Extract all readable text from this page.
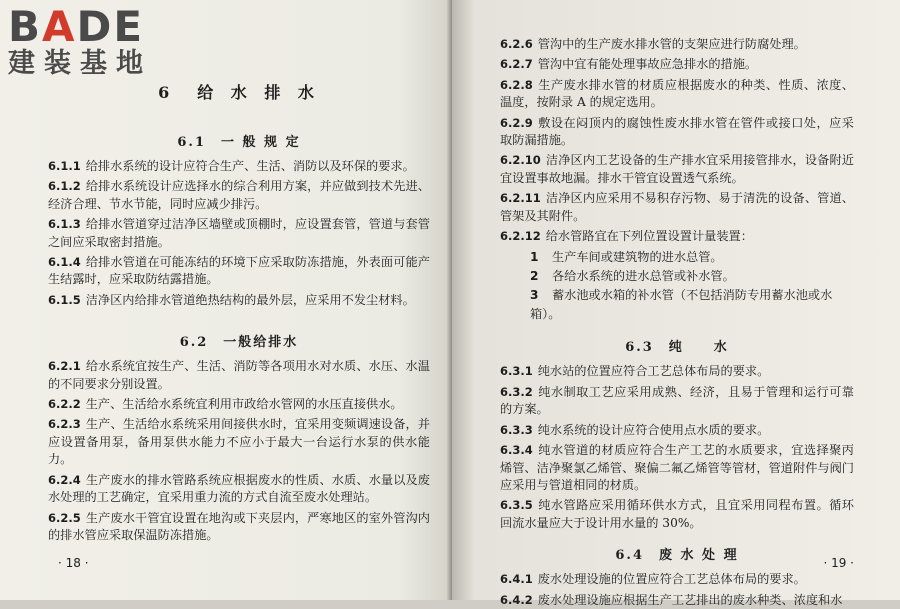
BADE
建装基地
6　给 水 排 水
6.1　一 般 规 定

6.1.1 给排水系统的设计应符合生产、生活、消防以及环保的要求。

6.1.2 给排水系统设计应选择水的综合利用方案，并应做到技术先进、经济合理、节水节能，同时应减少排污。

6.1.3 给排水管道穿过洁净区墙壁或顶棚时，应设置套管，管道与套管之间应采取密封措施。

6.1.4 给排水管道在可能冻结的环境下应采取防冻措施，外表面可能产生结露时，应采取防结露措施。

6.1.5 洁净区内给排水管道绝热结构的最外层，应采用不发尘材料。

6.2　一般给排水

6.2.1 给水系统宜按生产、生活、消防等各项用水对水质、水压、水温的不同要求分别设置。

6.2.2 生产、生活给水系统宜利用市政给水管网的水压直接供水。

6.2.3 生产、生活给水系统采用间接供水时，宜采用变频调速设备，并应设置备用泵，备用泵供水能力不应小于最大一台运行水泵的供水能力。

6.2.4 生产废水的排水管路系统应根据废水的性质、水质、水量以及废水处理的工艺确定，宜采用重力流的方式自流至废水处理站。

6.2.5 生产废水干管宜设置在地沟或下夹层内，严寒地区的室外管沟内的排水管应采取保温防冻措施。

· 18 ·

6.2.6 管沟中的生产废水排水管的支架应进行防腐处理。

6.2.7 管沟中宜有能处理事故应急排水的措施。

6.2.8 生产废水排水管的材质应根据废水的种类、性质、浓度、温度，按附录 A 的规定选用。

6.2.9 敷设在闷顶内的腐蚀性废水排水管在管件或接口处，应采取防漏措施。

6.2.10 洁净区内工艺设备的生产排水宜采用接管排水，设备附近宜设置事故地漏。排水干管宜设置透气系统。

6.2.11 洁净区内应采用不易积存污物、易于清洗的设备、管道、管架及其附件。

6.2.12 给水管路宜在下列位置设置计量装置：

1 生产车间或建筑物的进水总管。
2 各给水系统的进水总管或补水管。
3 蓄水池或水箱的补水管（不包括消防专用蓄水池或水箱）。
6.3　纯　　水

6.3.1 纯水站的位置应符合工艺总体布局的要求。

6.3.2 纯水制取工艺应采用成熟、经济，且易于管理和运行可靠的方案。

6.3.3 纯水系统的设计应符合使用点水质的要求。

6.3.4 纯水管道的材质应符合生产工艺的水质要求，宜选择聚丙烯管、洁净聚氯乙烯管、聚偏二氟乙烯管等管材，管道附件与阀门应采用与管道相同的材质。

6.3.5 纯水管路应采用循环供水方式，且宜采用同程布置。循环回流水量应大于设计用水量的 30%。

6.4　废 水 处 理

6.4.1 废水处理设施的位置应符合工艺总体布局的要求。

6.4.2 废水处理设施应根据生产工艺排出的废水种类、浓度和水

· 19 ·
